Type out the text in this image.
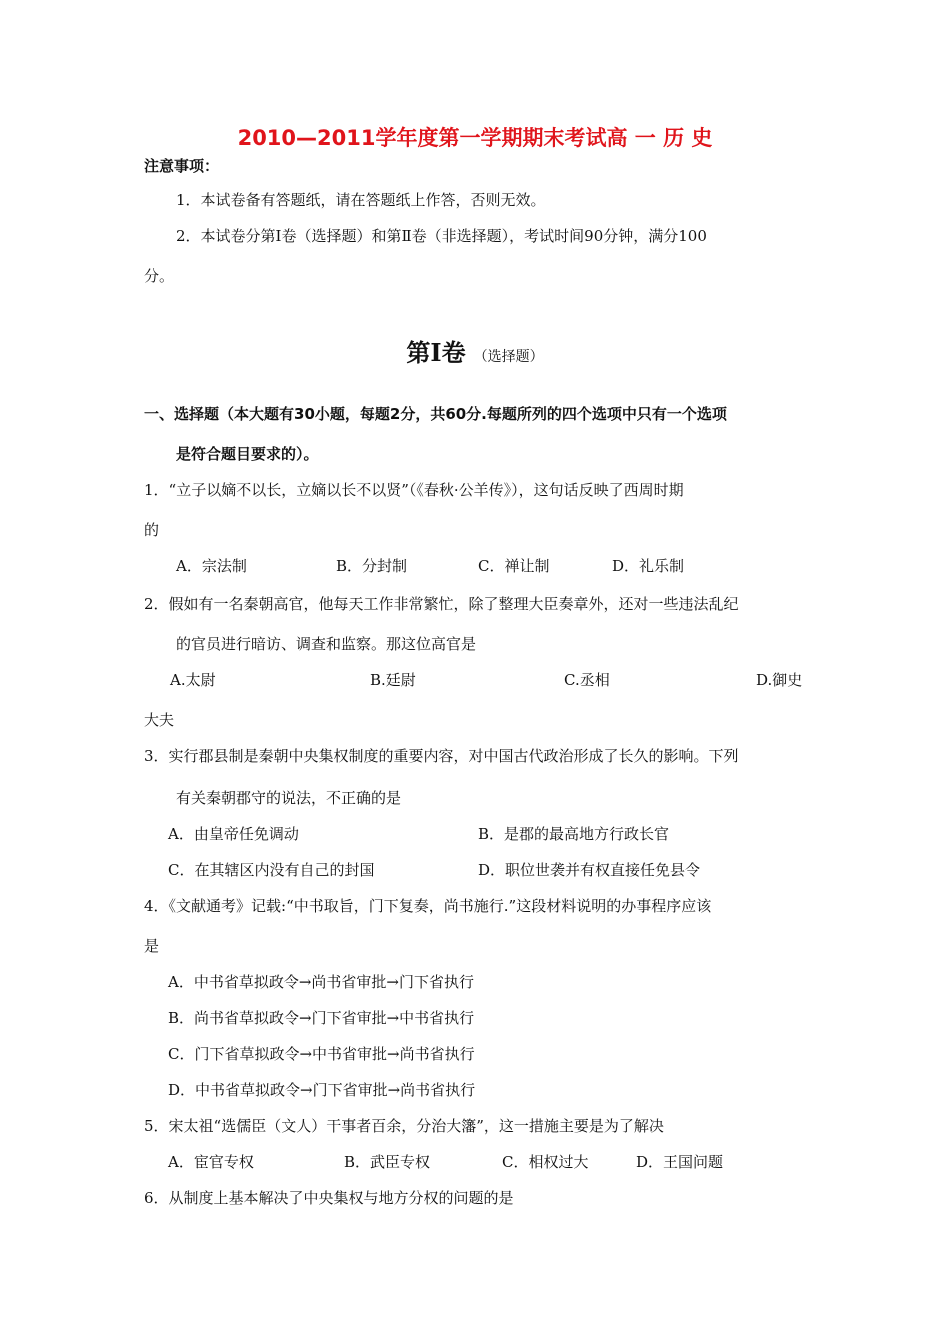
2010—2011学年度第一学期期末考试高 一 历 史
注意事项：
1．本试卷备有答题纸，请在答题纸上作答，否则无效。
2．本试卷分第Ⅰ卷（选择题）和第Ⅱ卷（非选择题），考试时间90分钟，满分100
分。
第Ⅰ卷 （选择题）
一、选择题（本大题有30小题，每题2分，共60分.每题所列的四个选项中只有一个选项
是符合题目要求的）。
1．“立子以嫡不以长，立嫡以长不以贤”（《春秋·公羊传》），这句话反映了西周时期
的
A．宗法制	B．分封制	C．禅让制	D．礼乐制
2．假如有一名秦朝高官，他每天工作非常繁忙，除了整理大臣奏章外，还对一些违法乱纪
的官员进行暗访、调查和监察。那这位高官是
A.太尉	B.廷尉	C.丞相	D.御史
大夫
3．实行郡县制是秦朝中央集权制度的重要内容，对中国古代政治形成了长久的影响。下列
有关秦朝郡守的说法，不正确的是
A．由皇帝任免调动	B．是郡的最高地方行政长官
C．在其辖区内没有自己的封国	D．职位世袭并有权直接任免县令
4．《文献通考》记载:“中书取旨，门下复奏，尚书施行.”这段材料说明的办事程序应该
是
A．中书省草拟政令→尚书省审批→门下省执行
B．尚书省草拟政令→门下省审批→中书省执行
C．门下省草拟政令→中书省审批→尚书省执行
D．中书省草拟政令→门下省审批→尚书省执行
5．宋太祖“选儒臣（文人）干事者百余，分治大籓”，这一措施主要是为了解决
A．宦官专权	B．武臣专权	C．相权过大	D．王国问题
6．从制度上基本解决了中央集权与地方分权的问题的是
